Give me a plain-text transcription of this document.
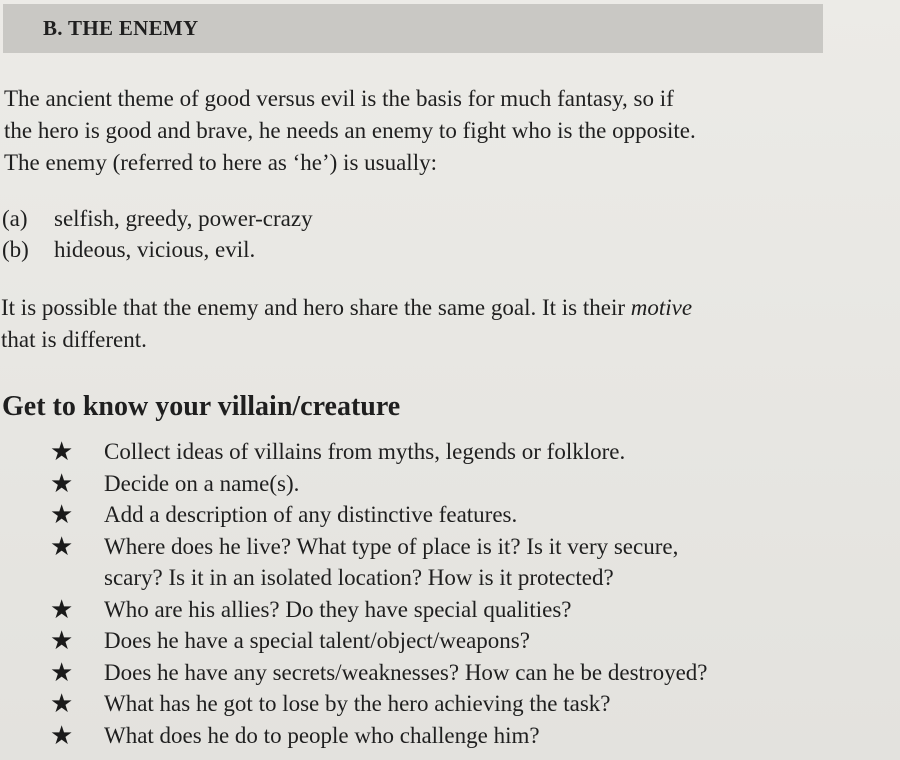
B. THE ENEMY

The ancient theme of good versus evil is the basis for much fantasy, so if

the hero is good and brave, he needs an enemy to fight who is the opposite.

The enemy (referred to here as ‘he’) is usually:

(a)	selfish, greedy, power-crazy
(b)	hideous, vicious, evil.

It is possible that the enemy and hero share the same goal. It is their motive

that is different.

Get to know your villain/creature
★	Collect ideas of villains from myths, legends or folklore.
★	Decide on a name(s).
★	Add a description of any distinctive features.
★	Where does he live? What type of place is it? Is it very secure,
scary? Is it in an isolated location? How is it protected?
★	Who are his allies? Do they have special qualities?
★	Does he have a special talent/object/weapons?
★	Does he have any secrets/weaknesses? How can he be destroyed?
★	What has he got to lose by the hero achieving the task?
★	What does he do to people who challenge him?
